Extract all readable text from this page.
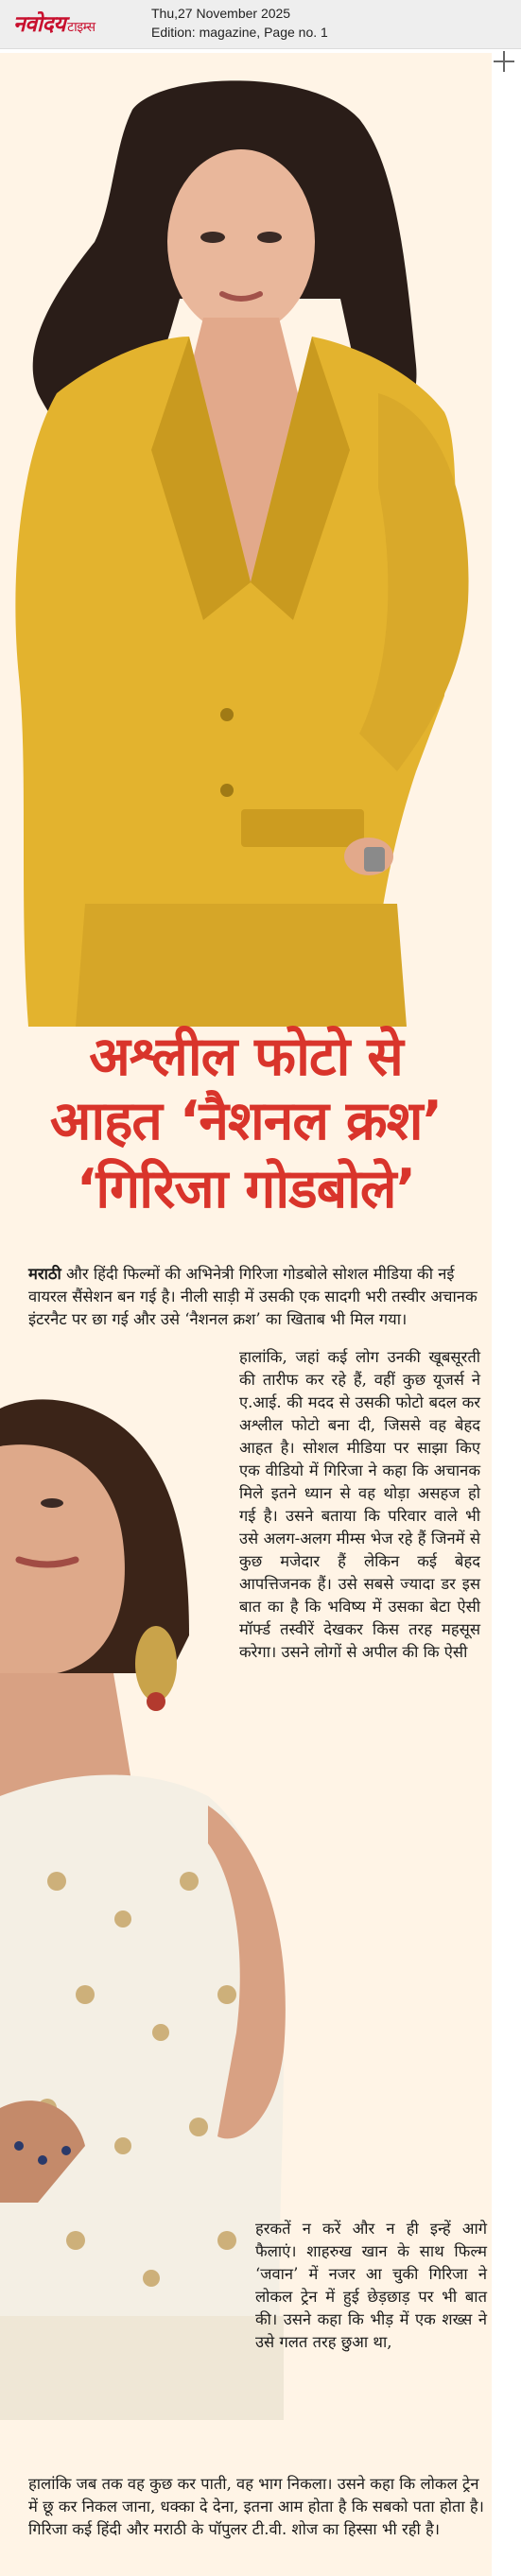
नवोदय टाइम्स
Thu,27 November 2025
Edition: magazine, Page no. 1
अश्लील फोटो से
आहत ‘नैशनल क्रश’
‘गिरिजा गोडबोले’
मराठी और हिंदी फिल्मों की अभिनेत्री गिरिजा गोडबोले सोशल मीडिया की नई वायरल सैंसेशन बन गई है। नीली साड़ी में उसकी एक सादगी भरी तस्वीर अचानक इंटरनैट पर छा गई और उसे ‘नैशनल क्रश’ का खिताब भी मिल गया।
हालांकि, जहां कई लोग उनकी खूबसूरती की तारीफ कर रहे हैं, वहीं कुछ यूजर्स ने ए.आई. की मदद से उसकी फोटो बदल कर अश्लील फोटो बना दी, जिससे वह बेहद आहत है। सोशल मीडिया पर साझा किए एक वीडियो में गिरिजा ने कहा कि अचानक मिले इतने ध्यान से वह थोड़ा असहज हो गई है। उसने बताया कि परिवार वाले भी उसे अलग-अलग मीम्स भेज रहे हैं जिनमें से कुछ मजेदार हैं लेकिन कई बेहद आपत्तिजनक हैं। उसे सबसे ज्यादा डर इस बात का है कि भविष्य में उसका बेटा ऐसी मॉर्फ्ड तस्वीरें देखकर किस तरह महसूस करेगा। उसने लोगों से अपील की कि ऐसी
हरकतें न करें और न ही इन्हें आगे फैलाएं। शाहरुख खान के साथ फिल्म ‘जवान’ में नजर आ चुकी गिरिजा ने लोकल ट्रेन में हुई छेड़छाड़ पर भी बात की। उसने कहा कि भीड़ में एक शख्स ने उसे गलत तरह छुआ था,
हालांकि जब तक वह कुछ कर पाती, वह भाग निकला। उसने कहा कि लोकल ट्रेन में छू कर निकल जाना, धक्का दे देना, इतना आम होता है कि सबको पता होता है। गिरिजा कई हिंदी और मराठी के पॉपुलर टी.वी. शोज का हिस्सा भी रही है।
